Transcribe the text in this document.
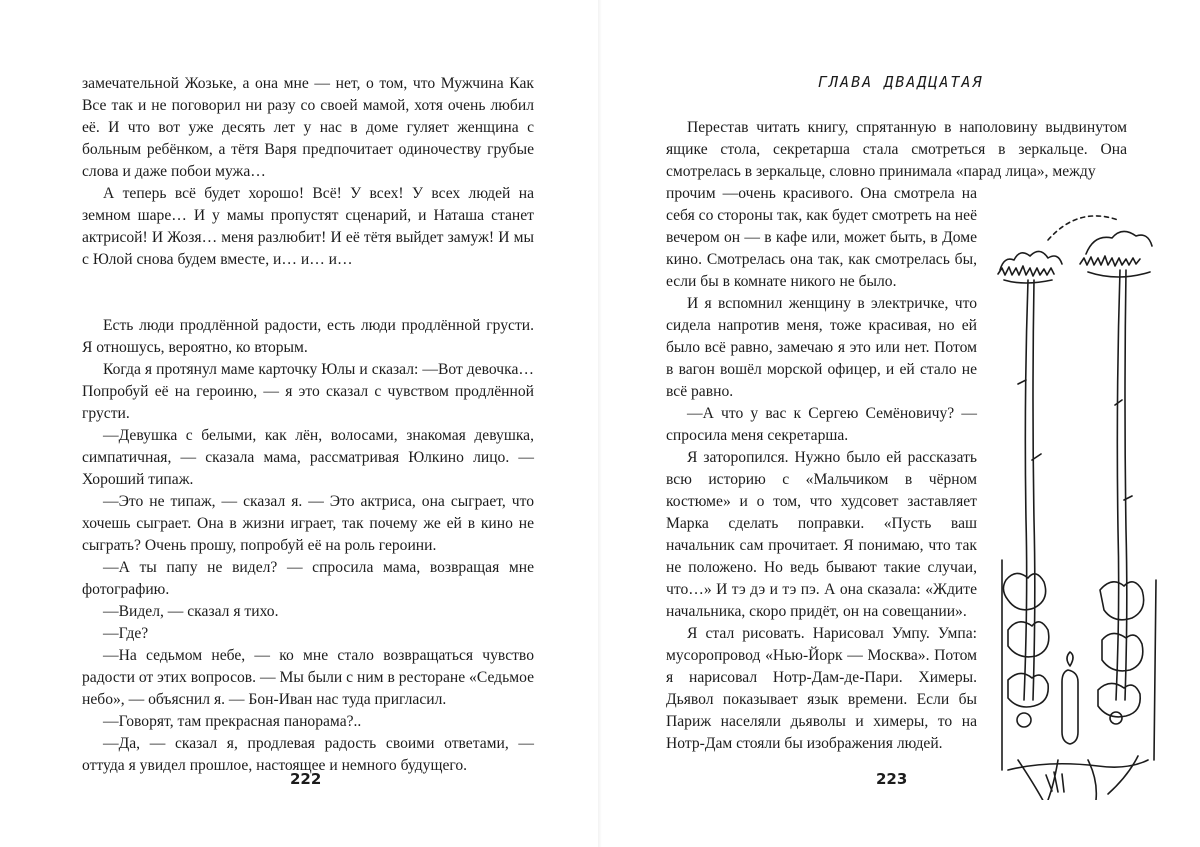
замечательной Жозьке, а она мне — нет, о том, что Мужчина Как Все так и не поговорил ни разу со своей мамой, хотя очень любил её. И что вот уже десять лет у нас в доме гуляет женщина с больным ребёнком, а тётя Варя предпочитает одиночеству грубые слова и даже побои мужа…

А теперь всё будет хорошо! Всё! У всех! У всех людей на земном шаре… И у мамы пропустят сценарий, и Наташа станет актрисой! И Жозя… меня разлюбит! И её тётя выйдет замуж! И мы с Юлой снова будем вместе, и… и… и…

Есть люди продлённой радости, есть люди продлённой грусти. Я отношусь, вероятно, ко вторым.

Когда я протянул маме карточку Юлы и сказал: —Вот девочка… Попробуй её на героиню, — я это сказал с чувством продлённой грусти.

—Девушка с белыми, как лён, волосами, знакомая девушка, симпатичная, — сказала мама, рассматривая Юлкино лицо. — Хороший типаж.

—Это не типаж, — сказал я. — Это актриса, она сыграет, что хочешь сыграет. Она в жизни играет, так почему же ей в кино не сыграть? Очень прошу, попробуй её на роль героини.

—А ты папу не видел? — спросила мама, возвращая мне фотографию.

—Видел, — сказал я тихо.

—Где?

—На седьмом небе, — ко мне стало возвращаться чувство радости от этих вопросов. — Мы были с ним в ресторане «Седьмое небо», — объяснил я. — Бон-Иван нас туда пригласил.

—Говорят, там прекрасная панорама?..

—Да, — сказал я, продлевая радость своими ответами, — оттуда я увидел прошлое, настоящее и немного будущего.

222
ГЛАВА ДВАДЦАТАЯ

Перестав читать книгу, спрятанную в наполовину выдвинутом ящике стола, секретарша стала смотреться в зеркальце. Она смотрелась в зеркальце, словно принимала «парад лица», между

прочим —очень красивого. Она смотрела на себя со стороны так, как будет смотреть на неё вечером он — в кафе или, может быть, в Доме кино. Смотрелась она так, как смотрелась бы, если бы в комнате никого не было.

И я вспомнил женщину в электричке, что сидела напротив меня, тоже красивая, но ей было всё равно, замечаю я это или нет. Потом в вагон вошёл морской офицер, и ей стало не всё равно.

—А что у вас к Сергею Семёновичу? — спросила меня секретарша.

Я заторопился. Нужно было ей рассказать всю историю с «Мальчиком в чёрном костюме» и о том, что худсовет заставляет Марка сделать поправки. «Пусть ваш начальник сам прочитает. Я понимаю, что так не положено. Но ведь бывают такие случаи, что…» И тэ дэ и тэ пэ. А она сказала: «Ждите начальника, скоро придёт, он на совещании».

Я стал рисовать. Нарисовал Умпу. Умпа: мусоропровод «Нью-Йорк — Москва». Потом я нарисовал Нотр-Дам-де-Пари. Химеры. Дьявол показывает язык времени. Если бы Париж населяли дьяволы и химеры, то на Нотр-Дам стояли бы изображения людей.

223
